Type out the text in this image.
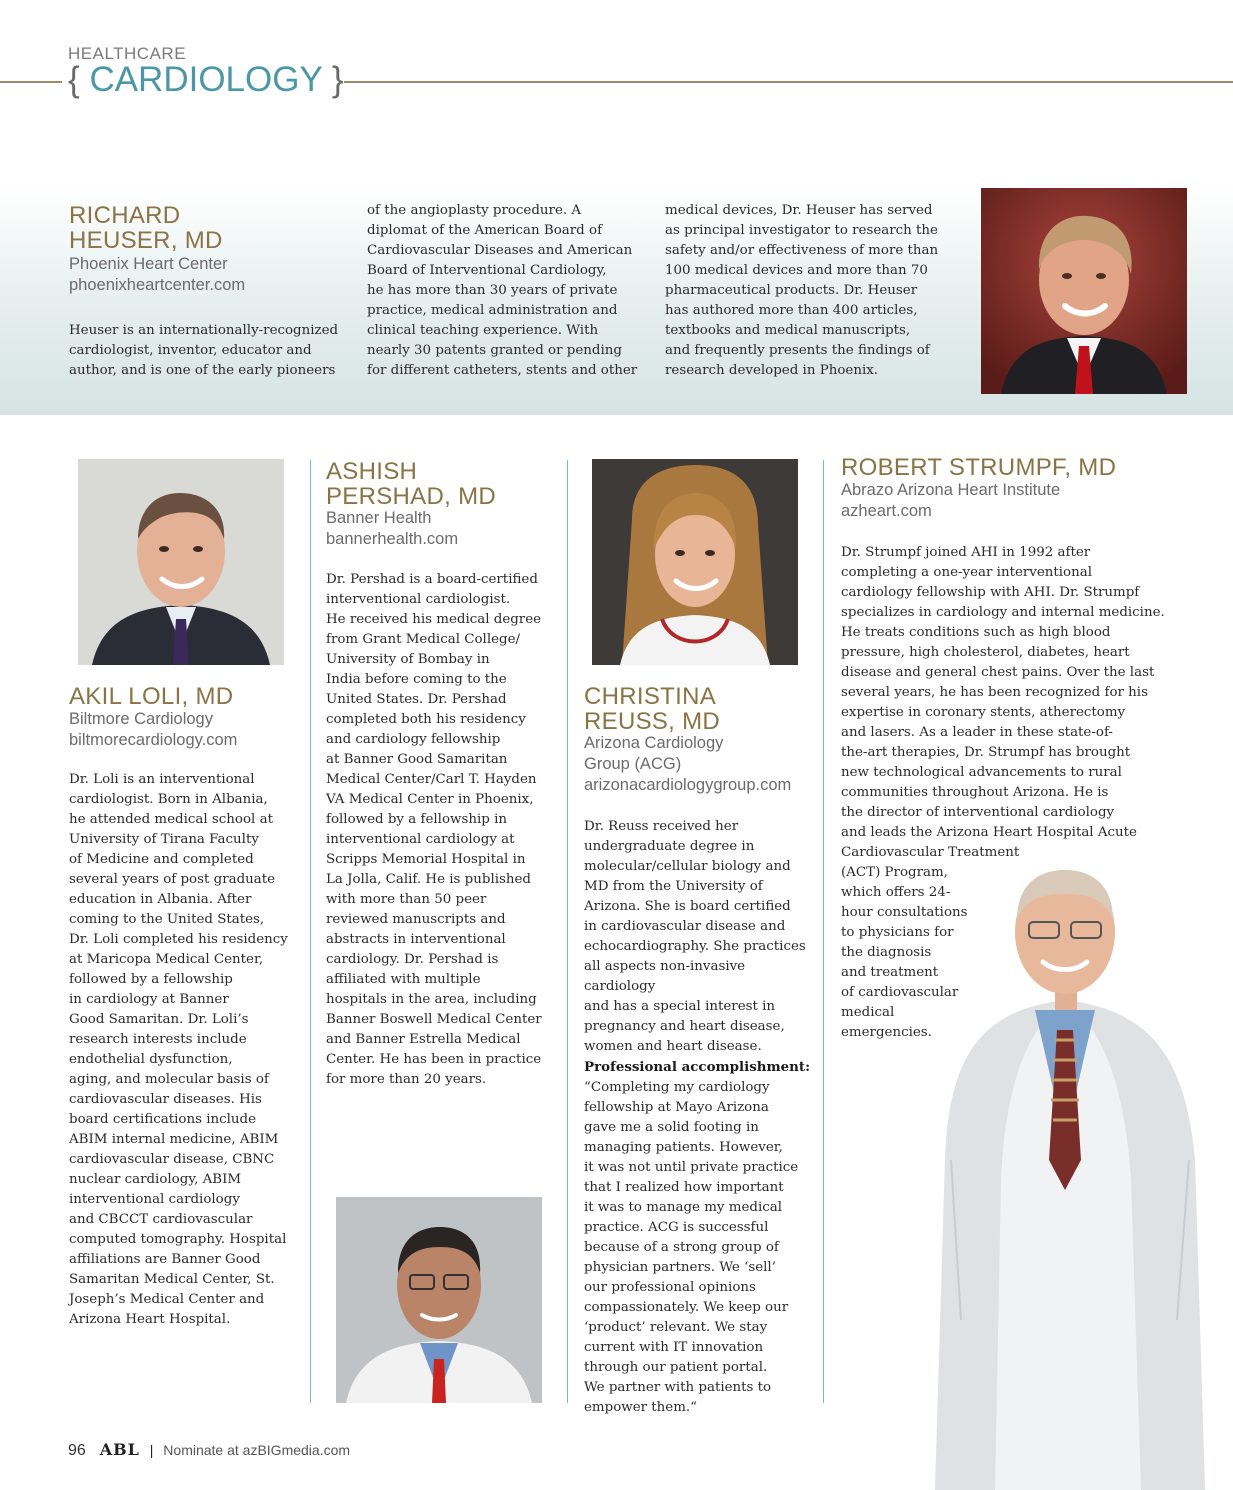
HEALTHCARE
{ CARDIOLOGY }
RICHARD
HEUSER, MD
Phoenix Heart Center
phoenixheartcenter.com
Heuser is an internationally-recognized
cardiologist, inventor, educator and
author, and is one of the early pioneers
of the angioplasty procedure. A
diplomat of the American Board of
Cardiovascular Diseases and American
Board of Interventional Cardiology,
he has more than 30 years of private
practice, medical administration and
clinical teaching experience. With
nearly 30 patents granted or pending
for different catheters, stents and other
medical devices, Dr. Heuser has served
as principal investigator to research the
safety and/or effectiveness of more than
100 medical devices and more than 70
pharmaceutical products. Dr. Heuser
has authored more than 400 articles,
textbooks and medical manuscripts,
and frequently presents the findings of
research developed in Phoenix.
AKIL LOLI, MD
Biltmore Cardiology
biltmorecardiology.com
Dr. Loli is an interventional
cardiologist. Born in Albania,
he attended medical school at
University of Tirana Faculty
of Medicine and completed
several years of post graduate
education in Albania. After
coming to the United States,
Dr. Loli completed his residency
at Maricopa Medical Center,
followed by a fellowship
in cardiology at Banner
Good Samaritan. Dr. Loli’s
research interests include
endothelial dysfunction,
aging, and molecular basis of
cardiovascular diseases. His
board certifications include
ABIM internal medicine, ABIM
cardiovascular disease, CBNC
nuclear cardiology, ABIM
interventional cardiology
and CBCCT cardiovascular
computed tomography. Hospital
affiliations are Banner Good
Samaritan Medical Center, St.
Joseph’s Medical Center and
Arizona Heart Hospital.
ASHISH
PERSHAD, MD
Banner Health
bannerhealth.com
Dr. Pershad is a board-certified
interventional cardiologist.
He received his medical degree
from Grant Medical College/
University of Bombay in
India before coming to the
United States. Dr. Pershad
completed both his residency
and cardiology fellowship
at Banner Good Samaritan
Medical Center/Carl T. Hayden
VA Medical Center in Phoenix,
followed by a fellowship in
interventional cardiology at
Scripps Memorial Hospital in
La Jolla, Calif. He is published
with more than 50 peer
reviewed manuscripts and
abstracts in interventional
cardiology. Dr. Pershad is
affiliated with multiple
hospitals in the area, including
Banner Boswell Medical Center
and Banner Estrella Medical
Center. He has been in practice
for more than 20 years.
CHRISTINA
REUSS, MD
Arizona Cardiology
Group (ACG)
arizonacardiologygroup.com
Dr. Reuss received her
undergraduate degree in
molecular/cellular biology and
MD from the University of
Arizona. She is board certified
in cardiovascular disease and
echocardiography. She practices
all aspects non-invasive cardiology
and has a special interest in
pregnancy and heart disease,
women and heart disease.
Professional accomplishment:
“Completing my cardiology
fellowship at Mayo Arizona
gave me a solid footing in
managing patients. However,
it was not until private practice
that I realized how important
it was to manage my medical
practice. ACG is successful
because of a strong group of
physician partners. We ‘sell’
our professional opinions
compassionately. We keep our
‘product’ relevant. We stay
current with IT innovation
through our patient portal.
We partner with patients to
empower them.“
ROBERT STRUMPF, MD
Abrazo Arizona Heart Institute
azheart.com
Dr. Strumpf joined AHI in 1992 after
completing a one-year interventional
cardiology fellowship with AHI. Dr. Strumpf
specializes in cardiology and internal medicine.
He treats conditions such as high blood
pressure, high cholesterol, diabetes, heart
disease and general chest pains. Over the last
several years, he has been recognized for his
expertise in coronary stents, atherectomy
and lasers. As a leader in these state-of-
the-art therapies, Dr. Strumpf has brought
new technological advancements to rural
communities throughout Arizona. He is
the director of interventional cardiology
and leads the Arizona Heart Hospital Acute
Cardiovascular Treatment
(ACT) Program,
which offers 24-
hour consultations
to physicians for
the diagnosis
and treatment
of cardiovascular
medical
emergencies.
96 ABL | Nominate at azBIGmedia.com
